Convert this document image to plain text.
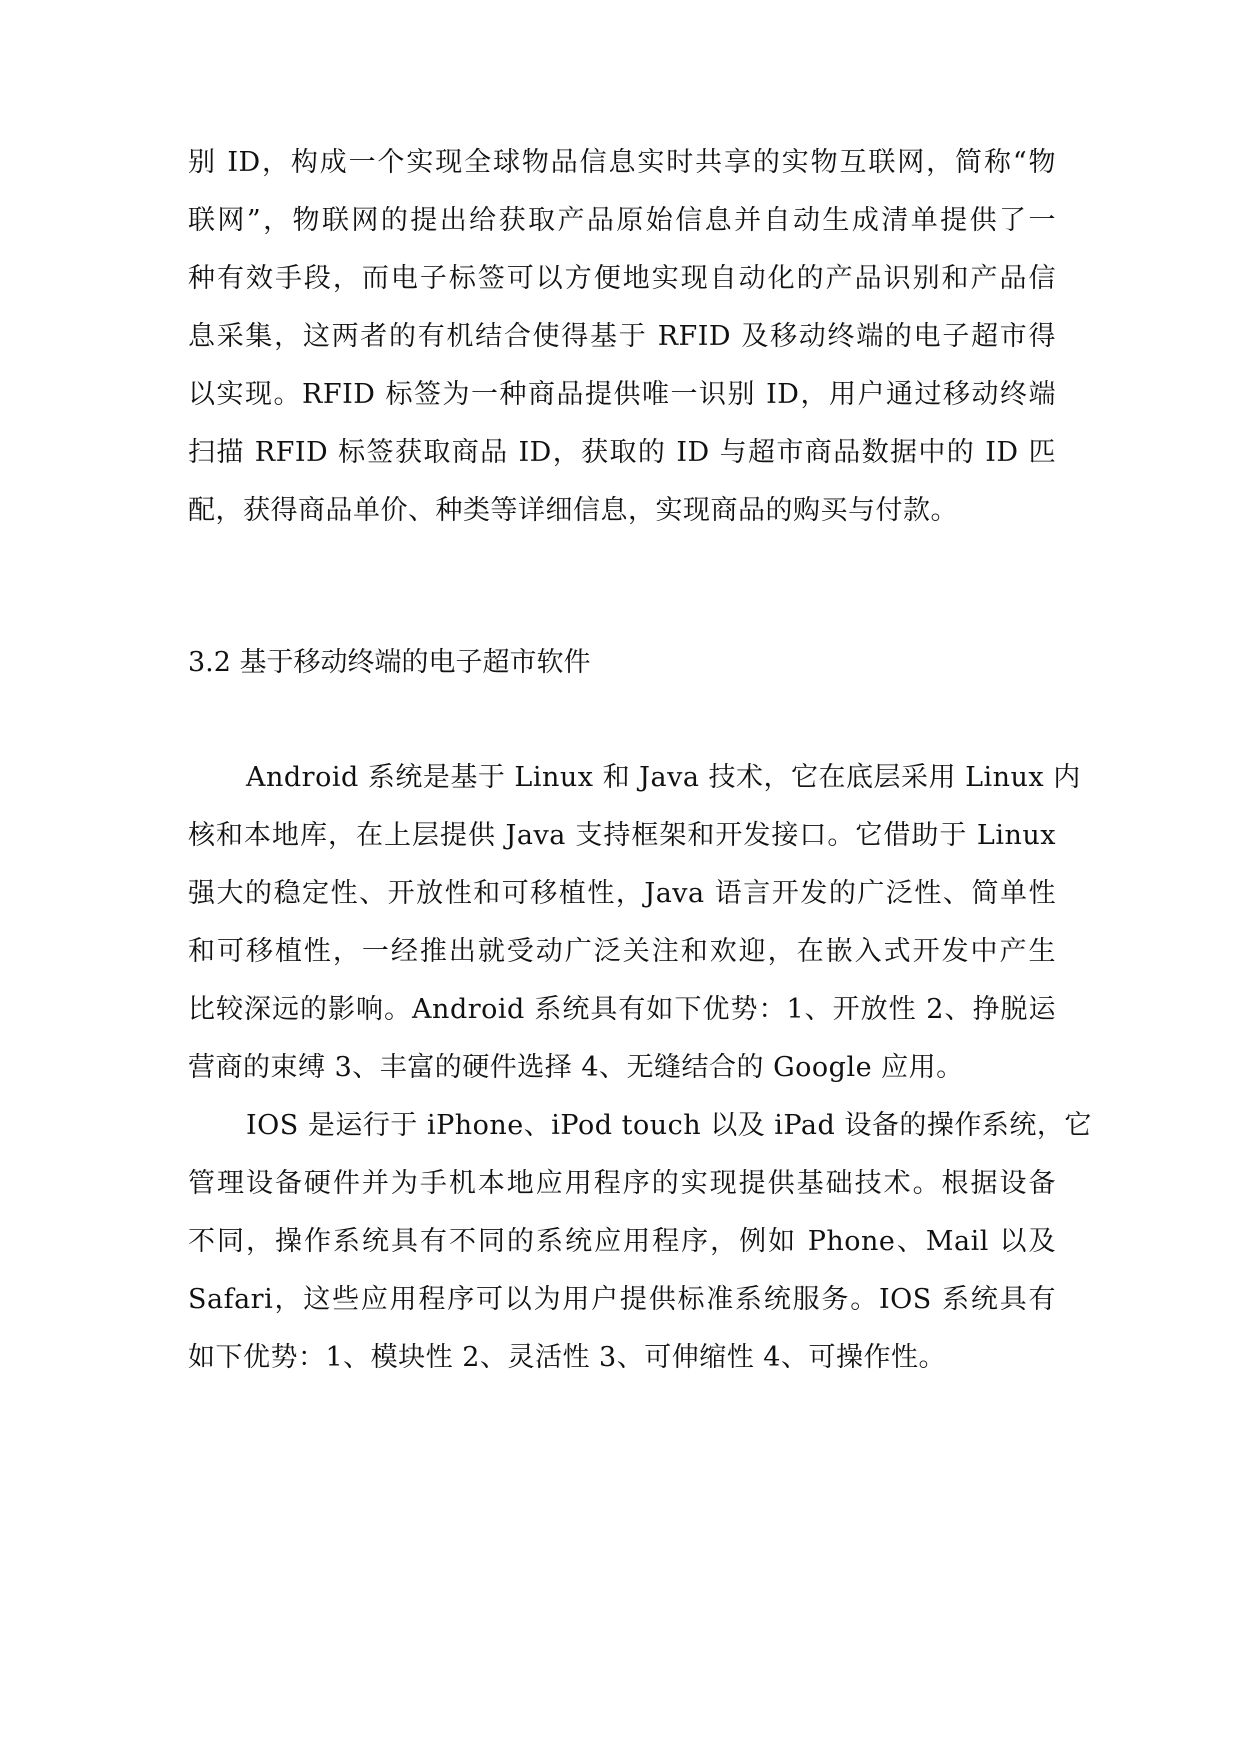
别 ID，构成一个实现全球物品信息实时共享的实物互联网，简称“物
联网”，物联网的提出给获取产品原始信息并自动生成清单提供了一
种有效手段，而电子标签可以方便地实现自动化的产品识别和产品信
息采集，这两者的有机结合使得基于 RFID 及移动终端的电子超市得
以实现。RFID 标签为一种商品提供唯一识别 ID，用户通过移动终端
扫描 RFID 标签获取商品 ID，获取的 ID 与超市商品数据中的 ID 匹
配，获得商品单价、种类等详细信息，实现商品的购买与付款。
3.2 基于移动终端的电子超市软件
Android 系统是基于 Linux 和 Java 技术，它在底层采用 Linux 内
核和本地库，在上层提供 Java 支持框架和开发接口。它借助于 Linux
强大的稳定性、开放性和可移植性，Java 语言开发的广泛性、简单性
和可移植性，一经推出就受动广泛关注和欢迎，在嵌入式开发中产生
比较深远的影响。Android 系统具有如下优势：1、开放性 2、挣脱运
营商的束缚 3、丰富的硬件选择 4、无缝结合的 Google 应用。
IOS 是运行于 iPhone、iPod touch 以及 iPad 设备的操作系统，它
管理设备硬件并为手机本地应用程序的实现提供基础技术。根据设备
不同，操作系统具有不同的系统应用程序，例如 Phone、Mail 以及
Safari，这些应用程序可以为用户提供标准系统服务。IOS 系统具有
如下优势：1、模块性 2、灵活性 3、可伸缩性 4、可操作性。
